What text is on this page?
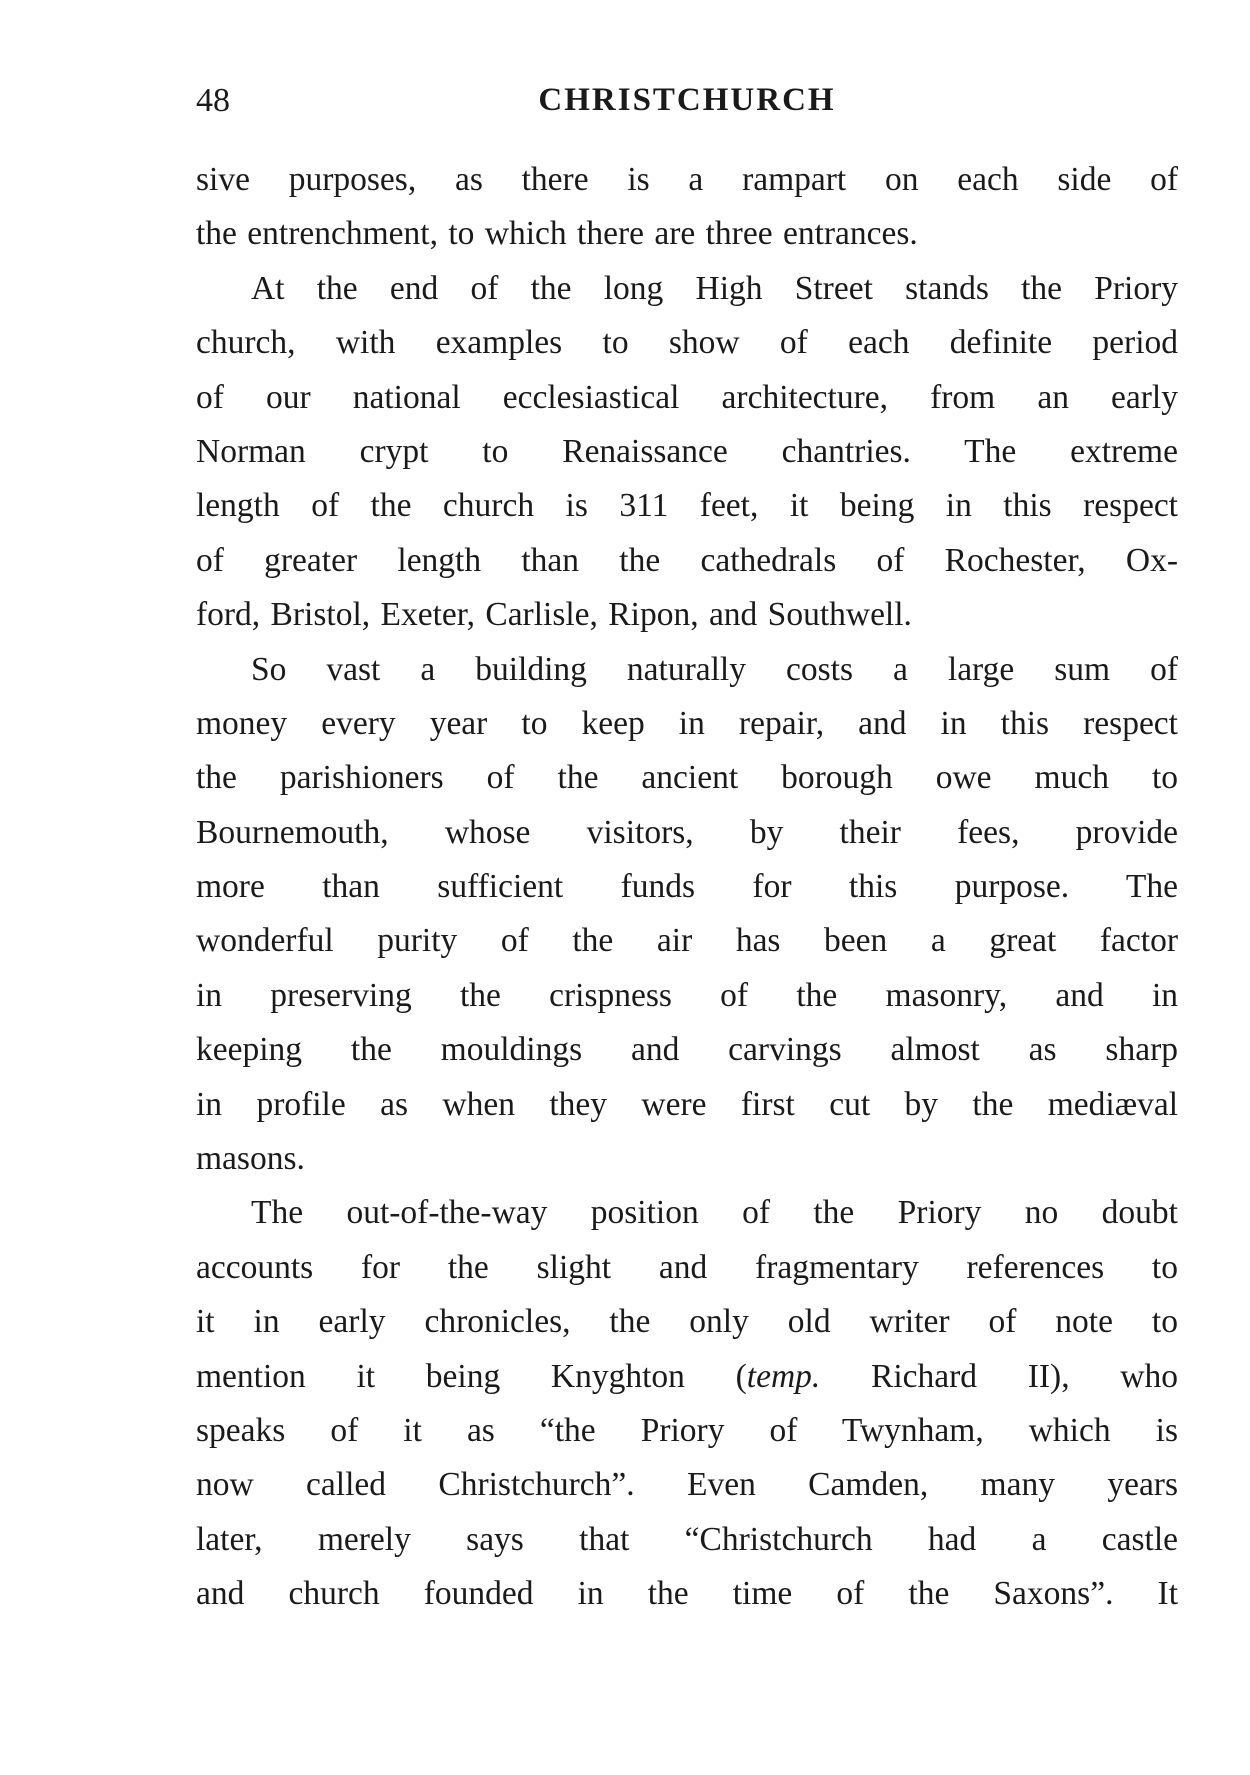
48	CHRISTCHURCH
sive purposes, as there is a rampart on each side of
the entrenchment, to which there are three entrances.
At the end of the long High Street stands the Priory
church, with examples to show of each definite period
of our national ecclesiastical architecture, from an early
Norman crypt to Renaissance chantries. The extreme
length of the church is 311 feet, it being in this respect
of greater length than the cathedrals of Rochester, Ox-
ford, Bristol, Exeter, Carlisle, Ripon, and Southwell.
So vast a building naturally costs a large sum of
money every year to keep in repair, and in this respect
the parishioners of the ancient borough owe much to
Bournemouth, whose visitors, by their fees, provide
more than sufficient funds for this purpose. The
wonderful purity of the air has been a great factor
in preserving the crispness of the masonry, and in
keeping the mouldings and carvings almost as sharp
in profile as when they were first cut by the mediæval
masons.
The out-of-the-way position of the Priory no doubt
accounts for the slight and fragmentary references to
it in early chronicles, the only old writer of note to
mention it being Knyghton (temp. Richard II), who
speaks of it as “the Priory of Twynham, which is
now called Christchurch”. Even Camden, many years
later, merely says that “Christchurch had a castle
and church founded in the time of the Saxons”. It
